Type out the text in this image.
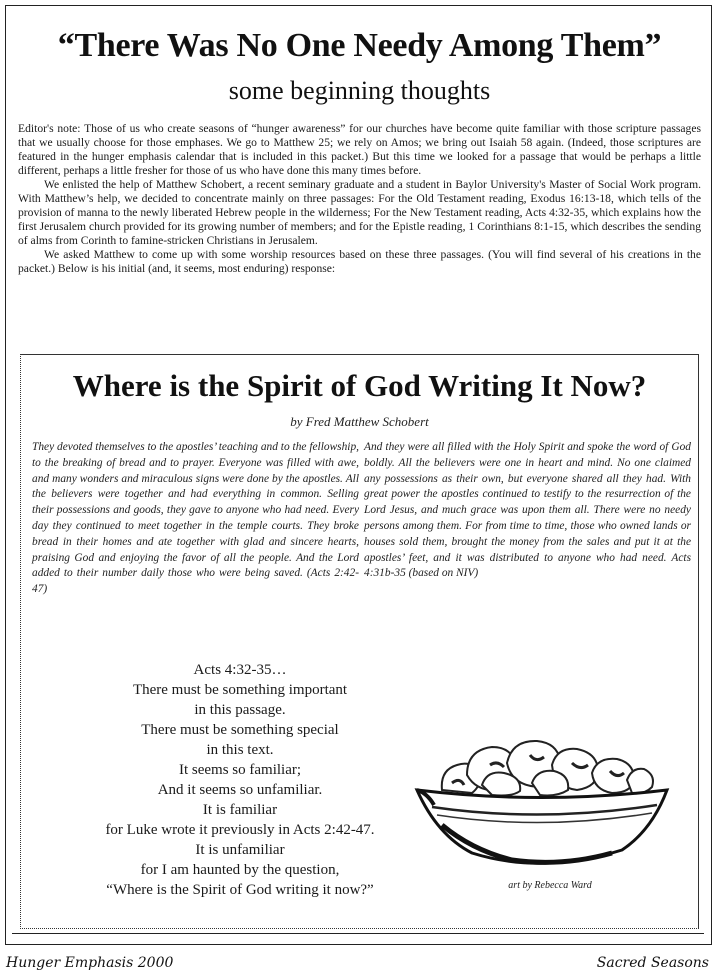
“There Was No One Needy Among Them”
some beginning thoughts

Editor's note: Those of us who create seasons of “hunger awareness” for our churches have become quite familiar with those scripture passages that we usually choose for those emphases. We go to Matthew 25; we rely on Amos; we bring out Isaiah 58 again. (Indeed, those scriptures are featured in the hunger emphasis calendar that is included in this packet.) But this time we looked for a passage that would be perhaps a little different, perhaps a little fresher for those of us who have done this many times before.

We enlisted the help of Matthew Schobert, a recent seminary graduate and a student in Baylor University's Master of Social Work program. With Matthew’s help, we decided to concentrate mainly on three passages: For the Old Testament reading, Exodus 16:13-18, which tells of the provision of manna to the newly liberated Hebrew people in the wilderness; For the New Testament reading, Acts 4:32-35, which explains how the first Jerusalem church provided for its growing number of members; and for the Epistle reading, 1 Corinthians 8:1-15, which describes the sending of alms from Corinth to famine-stricken Christians in Jerusalem.

We asked Matthew to come up with some worship resources based on these three passages. (You will find several of his creations in the packet.) Below is his initial (and, it seems, most enduring) response:

Where is the Spirit of God Writing It Now?
by Fred Matthew Schobert
They devoted themselves to the apostles’ teaching and to the fellowship, to the breaking of bread and to prayer. Everyone was filled with awe, and many wonders and miraculous signs were done by the apostles. All the believers were together and had everything in common. Selling their possessions and goods, they gave to anyone who had need. Every day they continued to meet together in the temple courts. They broke bread in their homes and ate together with glad and sincere hearts, praising God and enjoying the favor of all the people. And the Lord added to their number daily those who were being saved. (Acts 2:42-47)
And they were all filled with the Holy Spirit and spoke the word of God boldly. All the believers were one in heart and mind. No one claimed any possessions as their own, but everyone shared all they had. With great power the apostles continued to testify to the resurrection of the Lord Jesus, and much grace was upon them all. There were no needy persons among them. For from time to time, those who owned lands or houses sold them, brought the money from the sales and put it at the apostles’ feet, and it was distributed to anyone who had need. Acts 4:31b-35 (based on NIV)
Acts 4:32-35…
There must be something important
in this passage.
There must be something special
in this text.
It seems so familiar;
And it seems so unfamiliar.
It is familiar
for Luke wrote it previously in Acts 2:42-47.
It is unfamiliar
for I am haunted by the question,
“Where is the Spirit of God writing it now?”	art by Rebecca Ward
Hunger Emphasis 2000	Sacred Seasons
